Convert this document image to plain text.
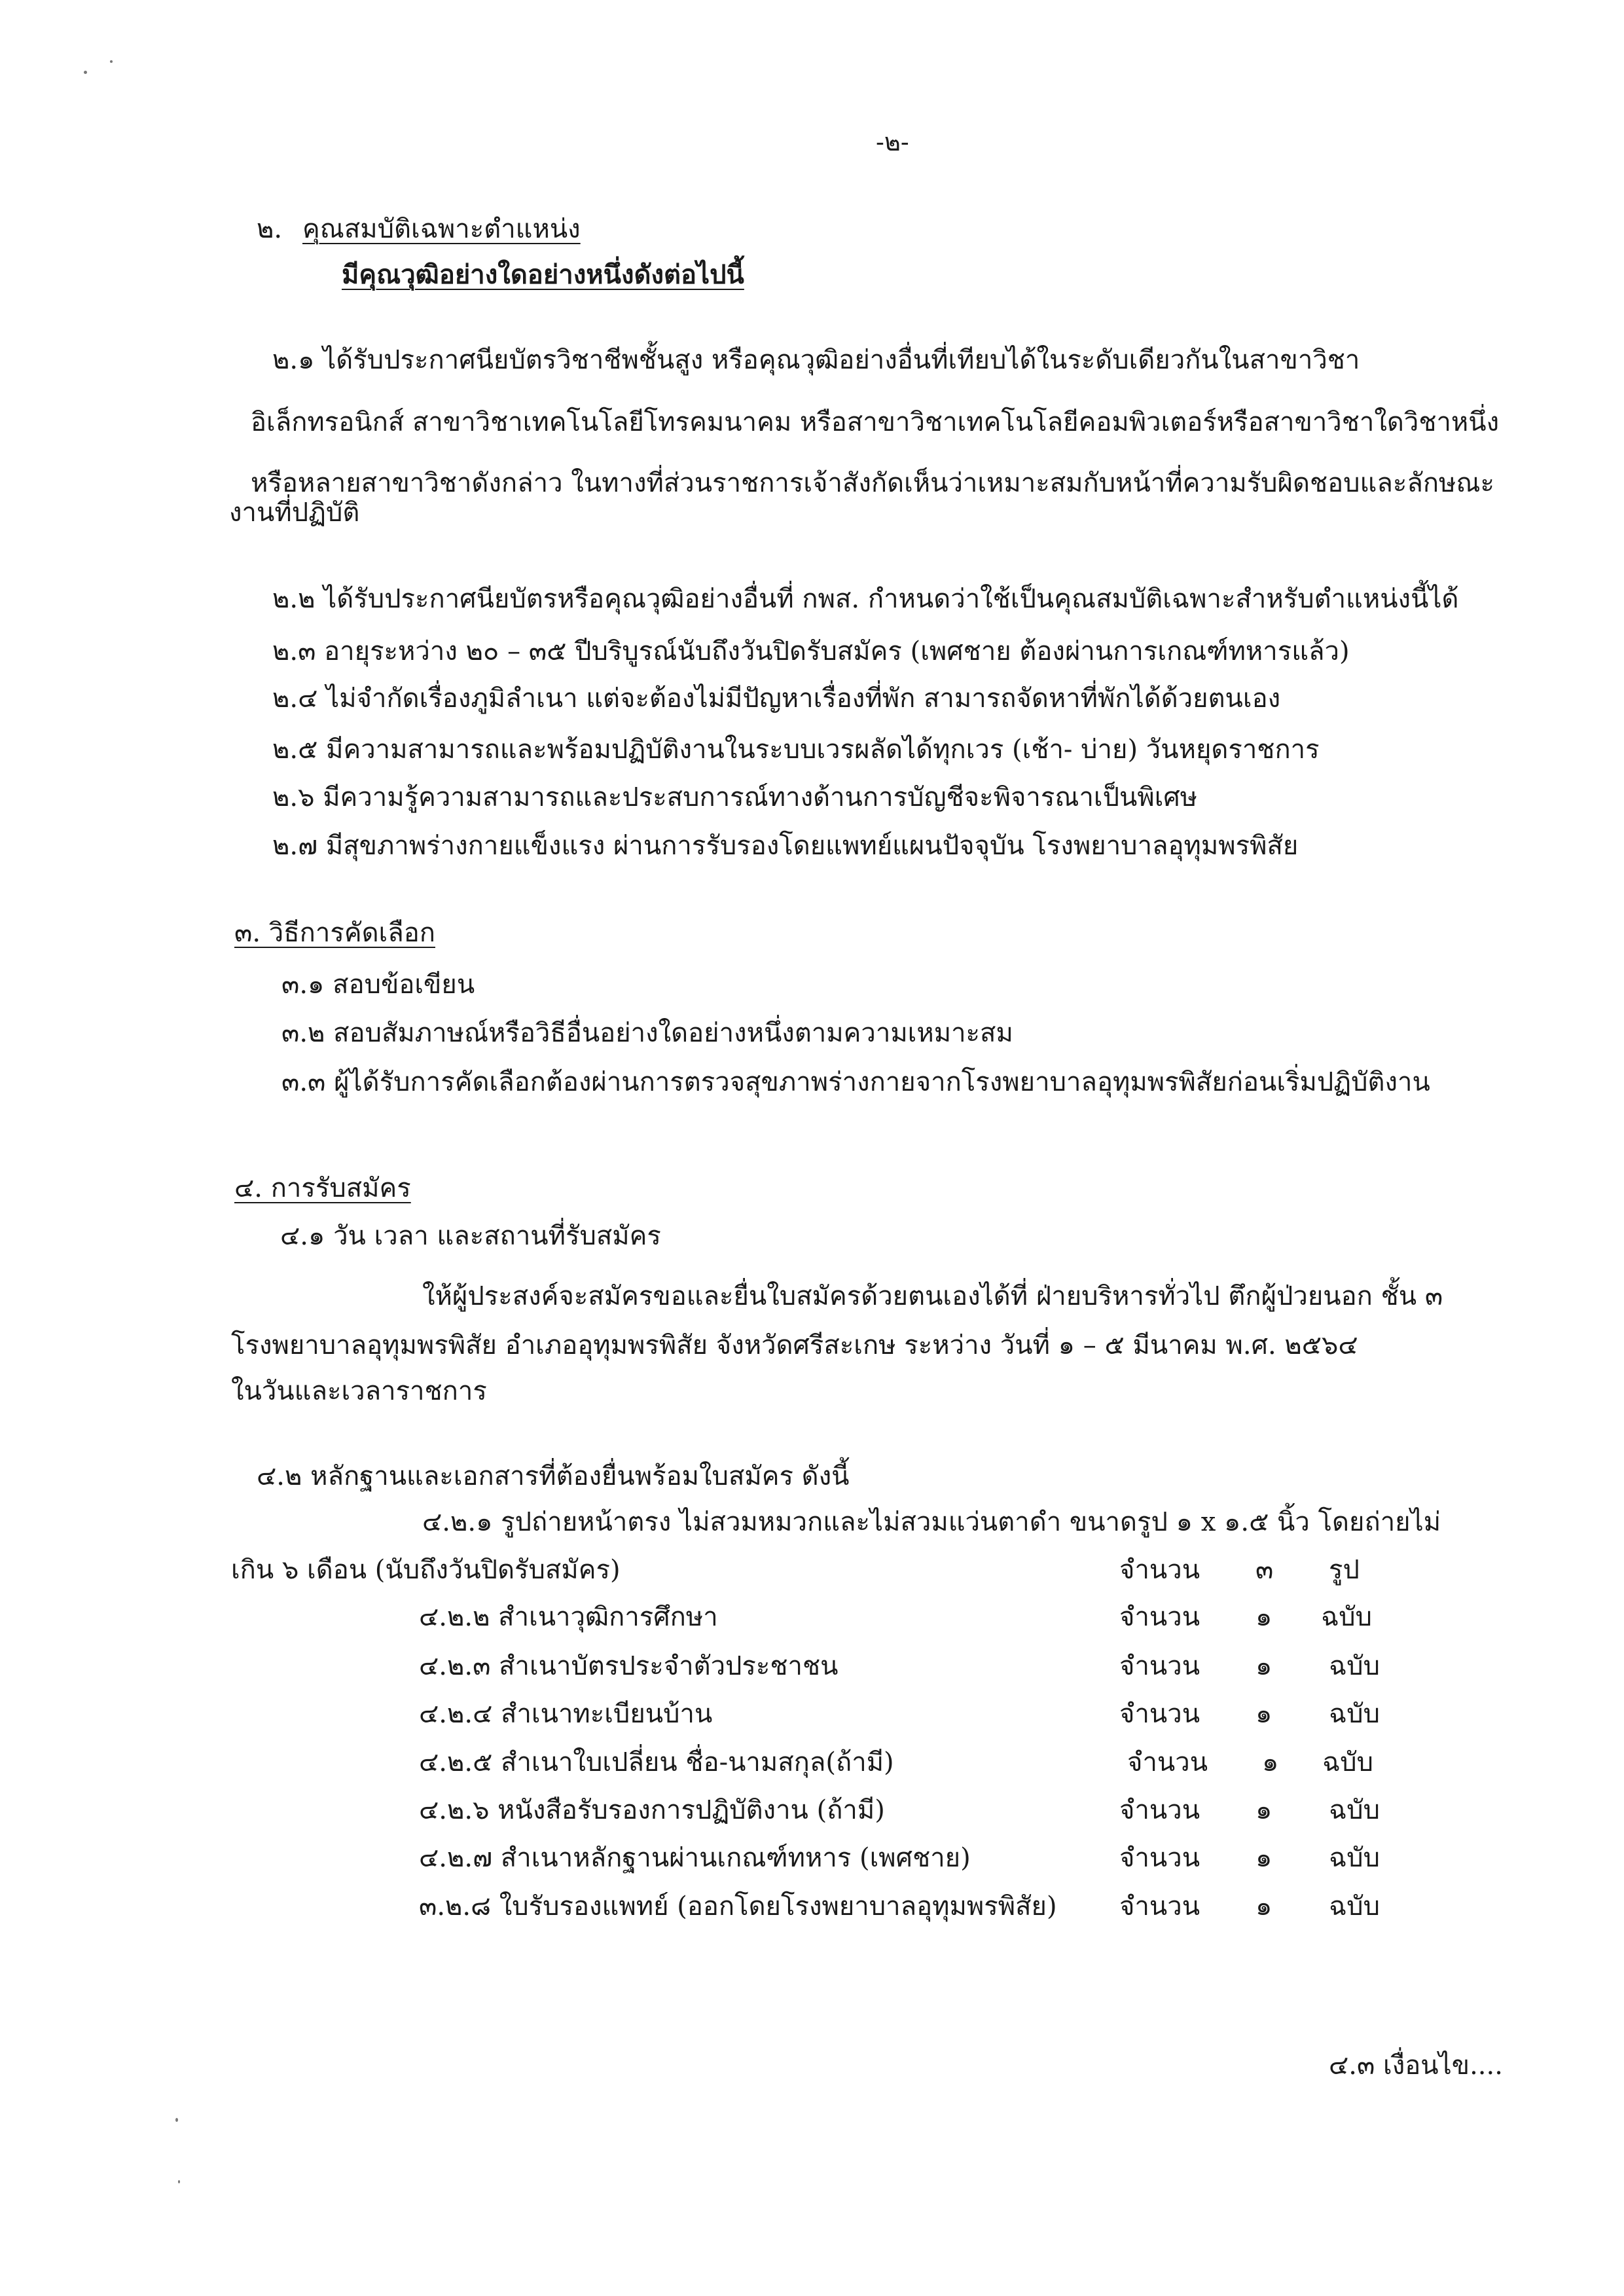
-๒-
๒. คุณสมบัติเฉพาะตำแหน่ง
มีคุณวุฒิอย่างใดอย่างหนึ่งดังต่อไปนี้
๒.๑ ได้รับประกาศนียบัตรวิชาชีพชั้นสูง หรือคุณวุฒิอย่างอื่นที่เทียบได้ในระดับเดียวกันในสาขาวิชา
อิเล็กทรอนิกส์ สาขาวิชาเทคโนโลยีโทรคมนาคม หรือสาขาวิชาเทคโนโลยีคอมพิวเตอร์หรือสาขาวิชาใดวิชาหนึ่ง
หรือหลายสาขาวิชาดังกล่าว ในทางที่ส่วนราชการเจ้าสังกัดเห็นว่าเหมาะสมกับหน้าที่ความรับผิดชอบและลักษณะ
งานที่ปฏิบัติ
๒.๒ ได้รับประกาศนียบัตรหรือคุณวุฒิอย่างอื่นที่ กพส. กำหนดว่าใช้เป็นคุณสมบัติเฉพาะสำหรับตำแหน่งนี้ได้
๒.๓ อายุระหว่าง ๒๐ – ๓๕ ปีบริบูรณ์นับถึงวันปิดรับสมัคร (เพศชาย ต้องผ่านการเกณฑ์ทหารแล้ว)
๒.๔ ไม่จำกัดเรื่องภูมิลำเนา แต่จะต้องไม่มีปัญหาเรื่องที่พัก สามารถจัดหาที่พักได้ด้วยตนเอง
๒.๕ มีความสามารถและพร้อมปฏิบัติงานในระบบเวรผลัดได้ทุกเวร (เช้า- บ่าย) วันหยุดราชการ
๒.๖ มีความรู้ความสามารถและประสบการณ์ทางด้านการบัญชีจะพิจารณาเป็นพิเศษ
๒.๗ มีสุขภาพร่างกายแข็งแรง ผ่านการรับรองโดยแพทย์แผนปัจจุบัน โรงพยาบาลอุทุมพรพิสัย
๓. วิธีการคัดเลือก
๓.๑ สอบข้อเขียน
๓.๒ สอบสัมภาษณ์หรือวิธีอื่นอย่างใดอย่างหนึ่งตามความเหมาะสม
๓.๓ ผู้ได้รับการคัดเลือกต้องผ่านการตรวจสุขภาพร่างกายจากโรงพยาบาลอุทุมพรพิสัยก่อนเริ่มปฏิบัติงาน
๔. การรับสมัคร
๔.๑ วัน เวลา และสถานที่รับสมัคร
ให้ผู้ประสงค์จะสมัครขอและยื่นใบสมัครด้วยตนเองได้ที่ ฝ่ายบริหารทั่วไป ตึกผู้ป่วยนอก ชั้น ๓
โรงพยาบาลอุทุมพรพิสัย อำเภออุทุมพรพิสัย จังหวัดศรีสะเกษ ระหว่าง วันที่ ๑ – ๕ มีนาคม พ.ศ. ๒๕๖๔
ในวันและเวลาราชการ
๔.๒ หลักฐานและเอกสารที่ต้องยื่นพร้อมใบสมัคร ดังนี้
๔.๒.๑ รูปถ่ายหน้าตรง ไม่สวมหมวกและไม่สวมแว่นตาดำ ขนาดรูป ๑ x ๑.๕ นิ้ว โดยถ่ายไม่
เกิน ๖ เดือน (นับถึงวันปิดรับสมัคร)	จำนวน ๓ รูป
๔.๒.๒ สำเนาวุฒิการศึกษา	จำนวน ๑ ฉบับ
๔.๒.๓ สำเนาบัตรประจำตัวประชาชน	จำนวน ๑ ฉบับ
๔.๒.๔ สำเนาทะเบียนบ้าน	จำนวน ๑ ฉบับ
๔.๒.๕ สำเนาใบเปลี่ยน ชื่อ-นามสกุล(ถ้ามี)	จำนวน ๑ ฉบับ
๔.๒.๖ หนังสือรับรองการปฏิบัติงาน (ถ้ามี)	จำนวน ๑ ฉบับ
๔.๒.๗ สำเนาหลักฐานผ่านเกณฑ์ทหาร (เพศชาย)	จำนวน ๑ ฉบับ
๓.๒.๘ ใบรับรองแพทย์ (ออกโดยโรงพยาบาลอุทุมพรพิสัย) จำนวน ๑ ฉบับ
๔.๓ เงื่อนไข....
